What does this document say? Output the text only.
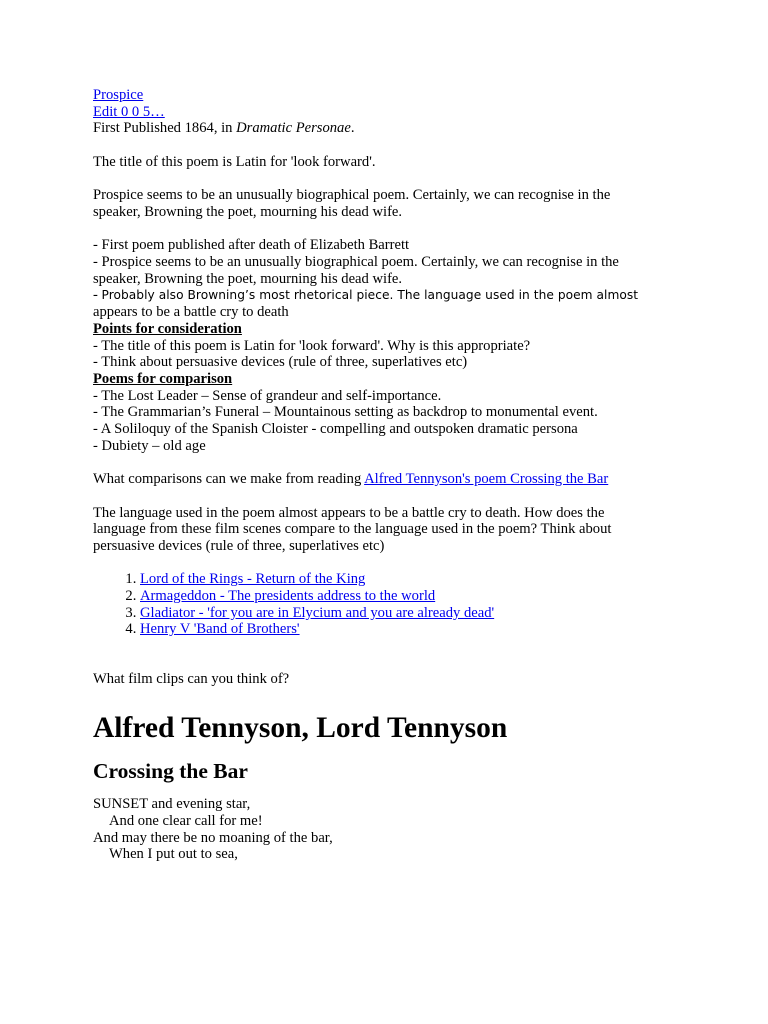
Prospice
Edit 0 0 5…

First Published 1864, in Dramatic Personae.

The title of this poem is Latin for 'look forward'.

Prospice seems to be an unusually biographical poem. Certainly, we can recognise in the
speaker, Browning the poet, mourning his dead wife.

- First poem published after death of Elizabeth Barrett

- Prospice seems to be an unusually biographical poem. Certainly, we can recognise in the
speaker, Browning the poet, mourning his dead wife.

- Probably also Browning’s most rhetorical piece. The language used in the poem almost
appears to be a battle cry to death

Points for consideration

- The title of this poem is Latin for 'look forward'. Why is this appropriate?

- Think about persuasive devices (rule of three, superlatives etc)

Poems for comparison

- The Lost Leader – Sense of grandeur and self-importance.

- The Grammarian’s Funeral – Mountainous setting as backdrop to monumental event.

- A Soliloquy of the Spanish Cloister - compelling and outspoken dramatic persona

- Dubiety – old age

What comparisons can we make from reading Alfred Tennyson's poem Crossing the Bar

The language used in the poem almost appears to be a battle cry to death. How does the
language from these film scenes compare to the language used in the poem? Think about
persuasive devices (rule of three, superlatives etc)

1. Lord of the Rings - Return of the King
2. Armageddon - The presidents address to the world
3. Gladiator - 'for you are in Elycium and you are already dead'
4. Henry V 'Band of Brothers'

What film clips can you think of?

Alfred Tennyson, Lord Tennyson
Crossing the Bar

SUNSET and evening star,

And one clear call for me!

And may there be no moaning of the bar,

When I put out to sea,
